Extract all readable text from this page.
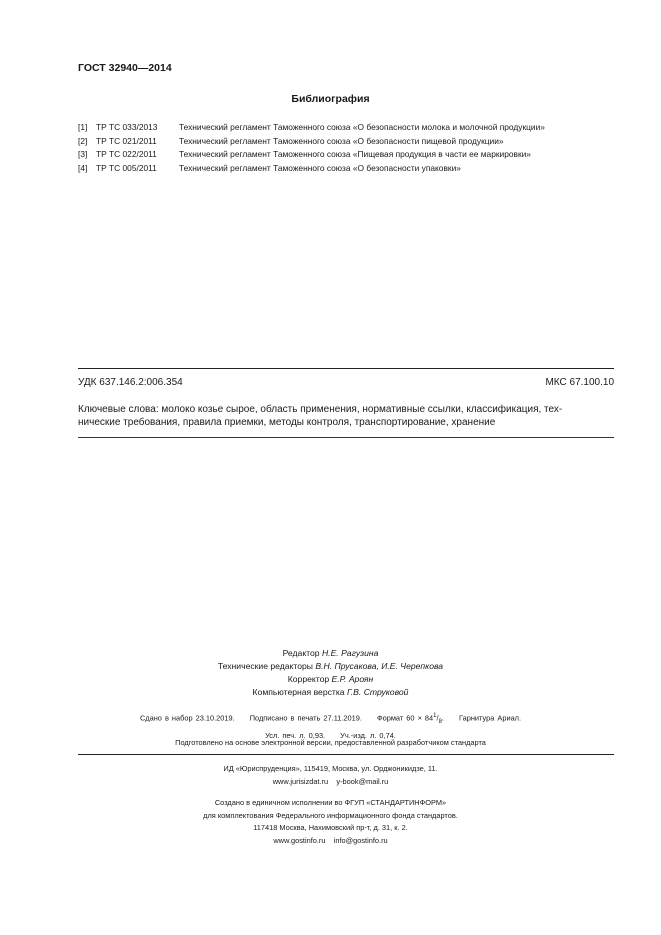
ГОСТ 32940—2014
Библиография
[1]	ТР ТС 033/2013	Технический регламент Таможенного союза «О безопасности молока и молочной продукции»
[2]	ТР ТС 021/2011	Технический регламент Таможенного союза «О безопасности пищевой продукции»
[3]	ТР ТС 022/2011	Технический регламент Таможенного союза «Пищевая продукция в части ее маркировки»
[4]	ТР ТС 005/2011	Технический регламент Таможенного союза «О безопасности упаковки»
УДК 637.146.2:006.354	МКС 67.100.10
Ключевые слова: молоко козье сырое, область применения, нормативные ссылки, классификация, тех-
нические требования, правила приемки, методы контроля, транспортирование, хранение
Редактор Н.Е. Рагузина
Технические редакторы В.Н. Прусакова, И.Е. Черепкова
Корректор Е.Р. Ароян
Компьютерная верстка Г.В. Струковой
Сдано в набор 23.10.2019. Подписано в печать 27.11.2019. Формат $60 \times 84^1/_8$. Гарнитура Ариал.
Усл. печ. л. 0,93. Уч.-изд. л. 0,74.
Подготовлено на основе электронной версии, предоставленной разработчиком стандарта
ИД «Юриспруденция», 115419, Москва, ул. Орджоникидзе, 11.
www.jurisizdat.ru y-book@mail.ru
Создано в единичном исполнении во ФГУП «СТАНДАРТИНФОРМ»
для комплектования Федерального информационного фонда стандартов.
117418 Москва, Нахимовский пр-т, д. 31, к. 2.
www.gostinfo.ru info@gostinfo.ru
